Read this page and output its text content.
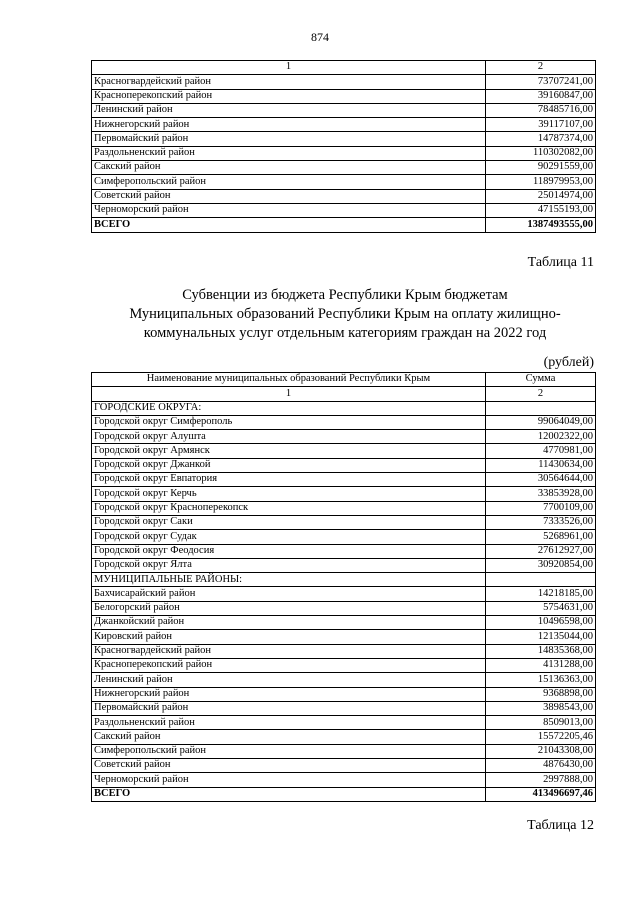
874
1	2
Красногвардейский район	73707241,00
Красноперекопский район	39160847,00
Ленинский район	78485716,00
Нижнегорский район	39117107,00
Первомайский район	14787374,00
Раздольненский район	110302082,00
Сакский район	90291559,00
Симферопольский район	118979953,00
Советский район	25014974,00
Черноморский район	47155193,00
ВСЕГО	1387493555,00
Таблица 11
Субвенции из бюджета Республики Крым бюджетам
Муниципальных образований Республики Крым на оплату жилищно-
коммунальных услуг отдельным категориям граждан на 2022 год
(рублей)
Наименование муниципальных образований Республики Крым	Сумма
1	2
ГОРОДСКИЕ ОКРУГА:	
Городской округ Симферополь	99064049,00
Городской округ Алушта	12002322,00
Городской округ Армянск	4770981,00
Городской округ Джанкой	11430634,00
Городской округ Евпатория	30564644,00
Городской округ Керчь	33853928,00
Городской округ Красноперекопск	7700109,00
Городской округ Саки	7333526,00
Городской округ Судак	5268961,00
Городской округ Феодосия	27612927,00
Городской округ Ялта	30920854,00
МУНИЦИПАЛЬНЫЕ РАЙОНЫ:	
Бахчисарайский район	14218185,00
Белогорский район	5754631,00
Джанкойский район	10496598,00
Кировский район	12135044,00
Красногвардейский район	14835368,00
Красноперекопский район	4131288,00
Ленинский район	15136363,00
Нижнегорский район	9368898,00
Первомайский район	3898543,00
Раздольненский район	8509013,00
Сакский район	15572205,46
Симферопольский район	21043308,00
Советский район	4876430,00
Черноморский район	2997888,00
ВСЕГО	413496697,46
Таблица 12
